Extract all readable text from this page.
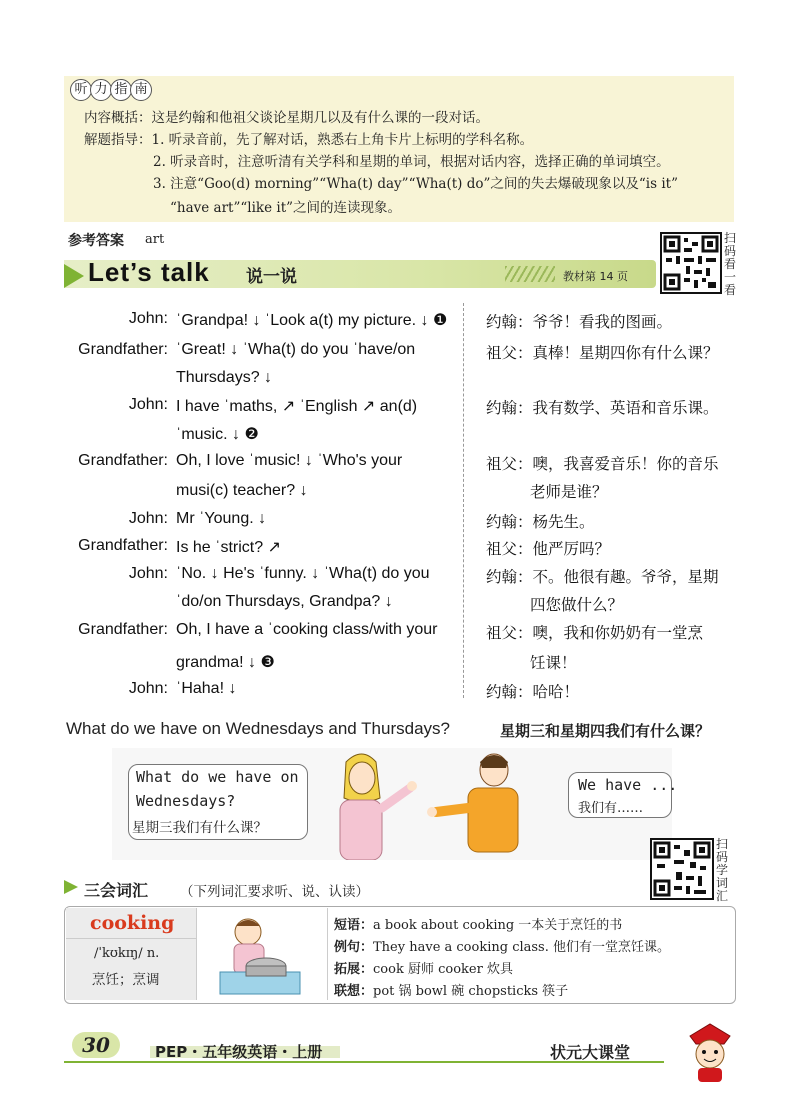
听 力 指 南
内容概括：这是约翰和他祖父谈论星期几以及有什么课的一段对话。
解题指导：1. 听录音前，先了解对话，熟悉右上角卡片上标明的学科名称。
2. 听录音时，注意听清有关学科和星期的单词，根据对话内容，选择正确的单词填空。
3. 注意“Goo(d) morning”“Wha(t) day”“Wha(t) do”之间的失去爆破现象以及“is it”
“have art”“like it”之间的连读现象。
参考答案 art	扫
码
看
一
看
Let’s talk 说一说	教材第 14 页
John: ˈGrandpa! ↓ ˈLook a(t) my picture. ↓ ❶ 约翰：爷爷！看我的图画。
Grandfather: ˈGreat! ↓ ˈWha(t) do you ˈhave/on
Thursdays? ↓
祖父：真棒！星期四你有什么课？
John: I have ˈmaths, ↗ ˈEnglish ↗ an(d)
ˈmusic. ↓ ❷
约翰：我有数学、英语和音乐课。
Grandfather: Oh, I love ˈmusic! ↓ ˈWho's your
musi(c) teacher? ↓
祖父：噢，我喜爱音乐！你的音乐
老师是谁？
John: Mr ˈYoung. ↓	约翰：杨先生。
Grandfather: Is he ˈstrict? ↗	祖父：他严厉吗？
John: ˈNo. ↓ He's ˈfunny. ↓ ˈWha(t) do you
ˈdo/on Thursdays, Grandpa? ↓
约翰：不。他很有趣。爷爷，星期
四您做什么？
Grandfather: Oh, I have a ˈcooking class/with your
grandma! ↓ ❸
祖父：噢，我和你奶奶有一堂烹
饪课！
John: ˈHaha! ↓	约翰：哈哈！
What do we have on Wednesdays and Thursdays?	星期三和星期四我们有什么课？
What do we have on
Wednesdays?
星期三我们有什么课？
We have ...
我们有……
扫
码
学
词
汇
三会词汇 （下列词汇要求听、说、认读）
cooking
/ˈkʊkɪŋ/ n.
烹饪；烹调
短语：a book about cooking 一本关于烹饪的书
例句：They have a cooking class. 他们有一堂烹饪课。
拓展：cook 厨师 cooker 炊具
联想：pot 锅 bowl 碗 chopsticks 筷子
30	PEP・五年级英语・上册	状元大课堂
